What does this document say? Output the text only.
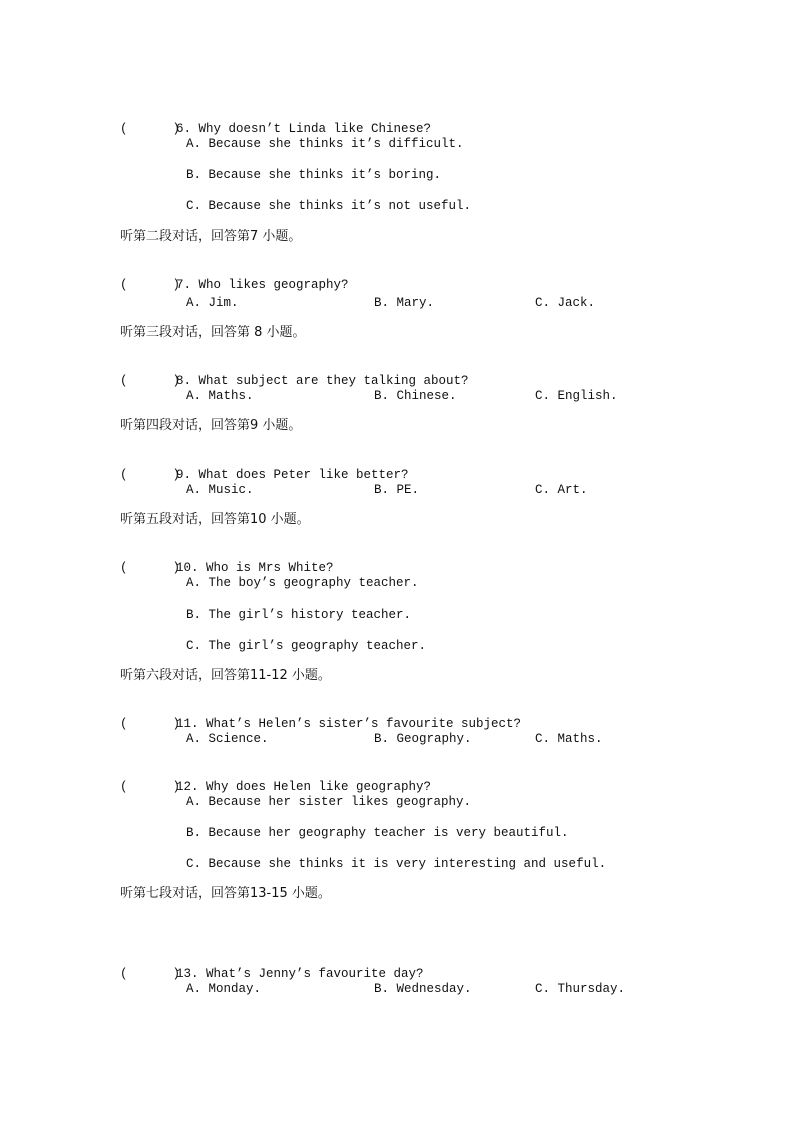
(      )
6. Why doesn’t Linda like Chinese?

A. Because she thinks it’s difficult.
B. Because she thinks it’s boring.
C. Because she thinks it’s not useful.
听第二段对话，回答第7 小题。

(      )
7. Who likes geography?

A. Jim.	B. Mary.	C. Jack.
听第三段对话，回答第 8 小题。

(      )
8. What subject are they talking about?

A. Maths.	B. Chinese.	C. English.
听第四段对话，回答第9 小题。

(      )
9. What does Peter like better?

A. Music.	B. PE.	C. Art.
听第五段对话，回答第10 小题。

(      )
10. Who is Mrs White?

A. The boy’s geography teacher.
B. The girl’s history teacher.
C. The girl’s geography teacher.
听第六段对话，回答第11-12 小题。

(      )
11. What’s Helen’s sister’s favourite subject?

A. Science.	B. Geography.	C. Maths.

(      )
12. Why does Helen like geography?

A. Because her sister likes geography.
B. Because her geography teacher is very beautiful.
C. Because she thinks it is very interesting and useful.
听第七段对话，回答第13-15 小题。

(      )
13. What’s Jenny’s favourite day?

A. Monday.	B. Wednesday.	C. Thursday.
